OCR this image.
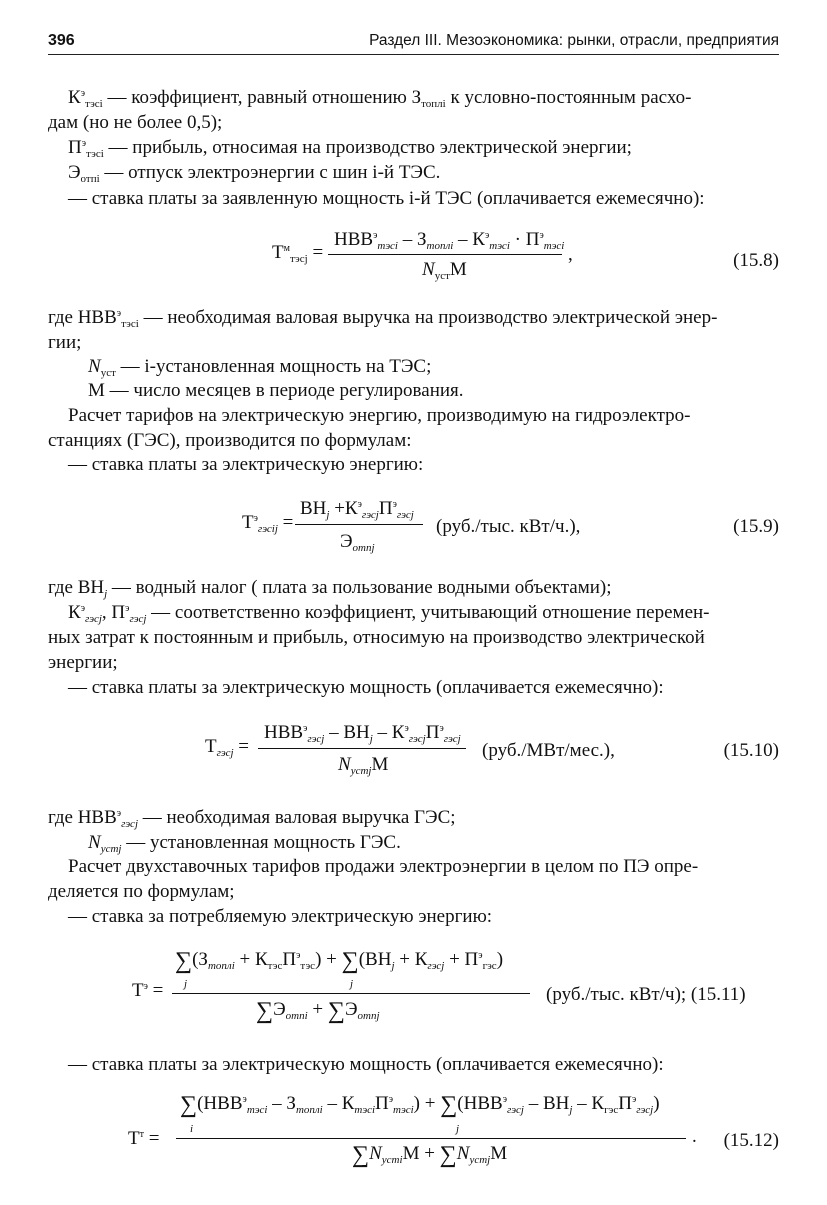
396	Раздел III. Мезоэкономика: рынки, отрасли, предприятия
$К^э_{тэсi}$ — коэффициент, равный отношению $З_{топлi}$ к условно-постоянным расхо-
дам (но не более 0,5);
$П^э_{тэсi}$ — прибыль, относимая на производство электрической энергии;
$Э_{отпi}$ — отпуск электроэнергии с шин i-й ТЭС.
— ставка платы за заявленную мощность i-й ТЭС (оплачивается ежемесячно):
$Т^м_{тэсj}$ =
$НВВ^э_{тэсi} - З_{топлi} - К^э_{тэсi} \cdot П^э_{тэсi}$
$N_{уст}М$
,	(15.8)
где $НВВ^э_{тэсi}$ — необходимая валовая выручка на производство электрической энер-
гии;
$N_{уст}$ — i-установленная мощность на ТЭС;
М — число месяцев в периоде регулирования.
Расчет тарифов на электрическую энергию, производимую на гидроэлектро-
станциях (ГЭС), производится по формулам:
— ставка платы за электрическую энергию:
$Т^э_{гэсij}$ =
$ВН_j +К^э_{гэсj}П^э_{гэсj}$
$Э_{отпj}$
(руб./тыс. кВт/ч.),	(15.9)
где $ВН_j$ — водный налог ( плата за пользование водными объектами);
$К^э_{гэсj}$, $П^э_{гэсj}$ — соответственно коэффициент, учитывающий отношение перемен-
ных затрат к постоянным и прибыль, относимую на производство электрической
энергии;
— ставка платы за электрическую мощность (оплачивается ежемесячно):
$Т_{гэсj}$ =
$НВВ^э_{гэсj} - ВН_j - К^э_{гэсj}П^э_{гэсj}$
$N_{устj}М$
(руб./МВт/мес.),	(15.10)
где $НВВ^э_{гэсj}$ — необходимая валовая выручка ГЭС;
$N_{устj}$ — установленная мощность ГЭС.
Расчет двухставочных тарифов продажи электроэнергии в целом по ПЭ опре-
деляется по формулам;
— ставка за потребляемую электрическую энергию:
$Т^э$ =
$\sum(З_{топлi} + К_{тэс}П^э_{тэс}) + \sum(ВН_j + К_{гэсj} + П^э_{гэс})$
j	j
$\sum Э_{отпi} + \sum Э_{отпj}$
(руб./тыс. кВт/ч); (15.11)
— ставка платы за электрическую мощность (оплачивается ежемесячно):
$Т^т$ =
$\sum(НВВ^э_{тэсi} - З_{топлi} - К_{тэсi}П^э_{тэсi}) + \sum(НВВ^э_{гэсj} - ВН_j - К_{гэс}П^э_{гэсj})$
i	j
$\sum N_{устi}М + \sum N_{устj}М$
. (15.12)
